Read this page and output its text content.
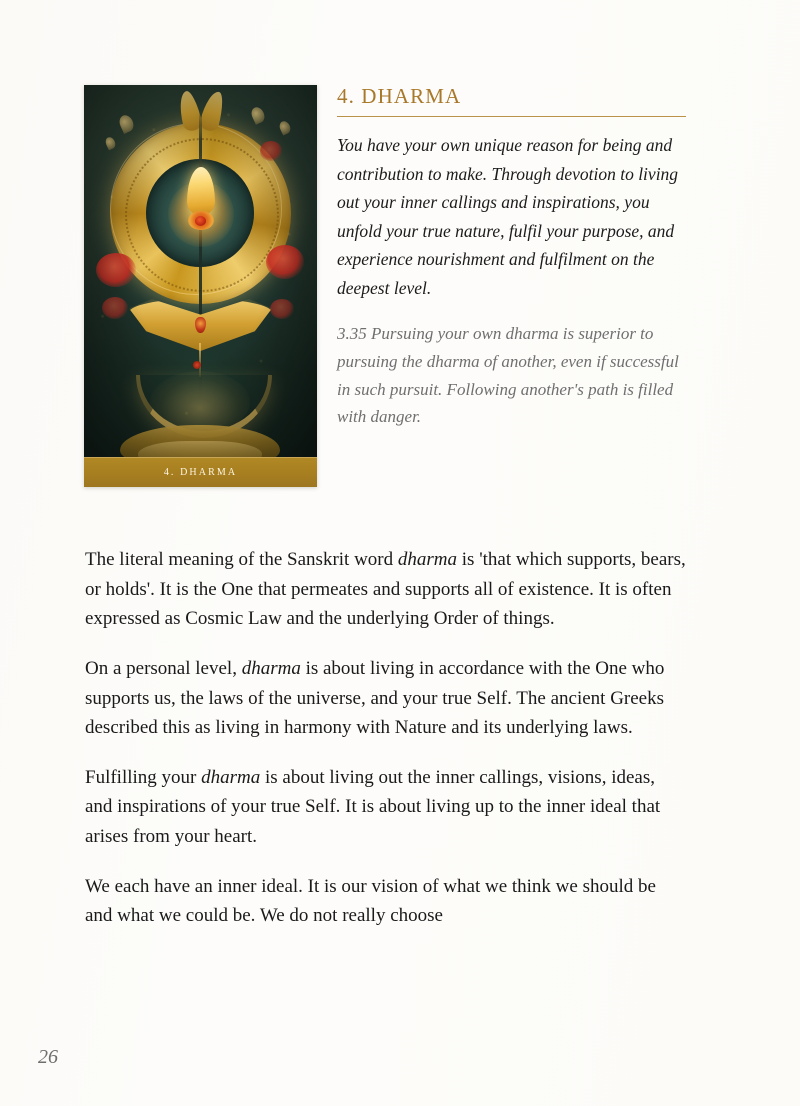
4. DHARMA
4. DHARMA

You have your own unique reason for being and contribution to make. Through devotion to living out your inner callings and inspirations, you unfold your true nature, fulfil your purpose, and experience nourishment and fulfilment on the deepest level.

3.35 Pursuing your own dharma is superior to pursuing the dharma of another, even if successful in such pursuit. Following another's path is filled with danger.

The literal meaning of the Sanskrit word dharma is 'that which supports, bears, or holds'. It is the One that permeates and supports all of existence. It is often expressed as Cosmic Law and the underlying Order of things.

On a personal level, dharma is about living in accordance with the One who supports us, the laws of the universe, and your true Self. The ancient Greeks described this as living in harmony with Nature and its underlying laws.

Fulfilling your dharma is about living out the inner callings, visions, ideas, and inspirations of your true Self. It is about living up to the inner ideal that arises from your heart.

We each have an inner ideal. It is our vision of what we think we should be and what we could be. We do not really choose

26
